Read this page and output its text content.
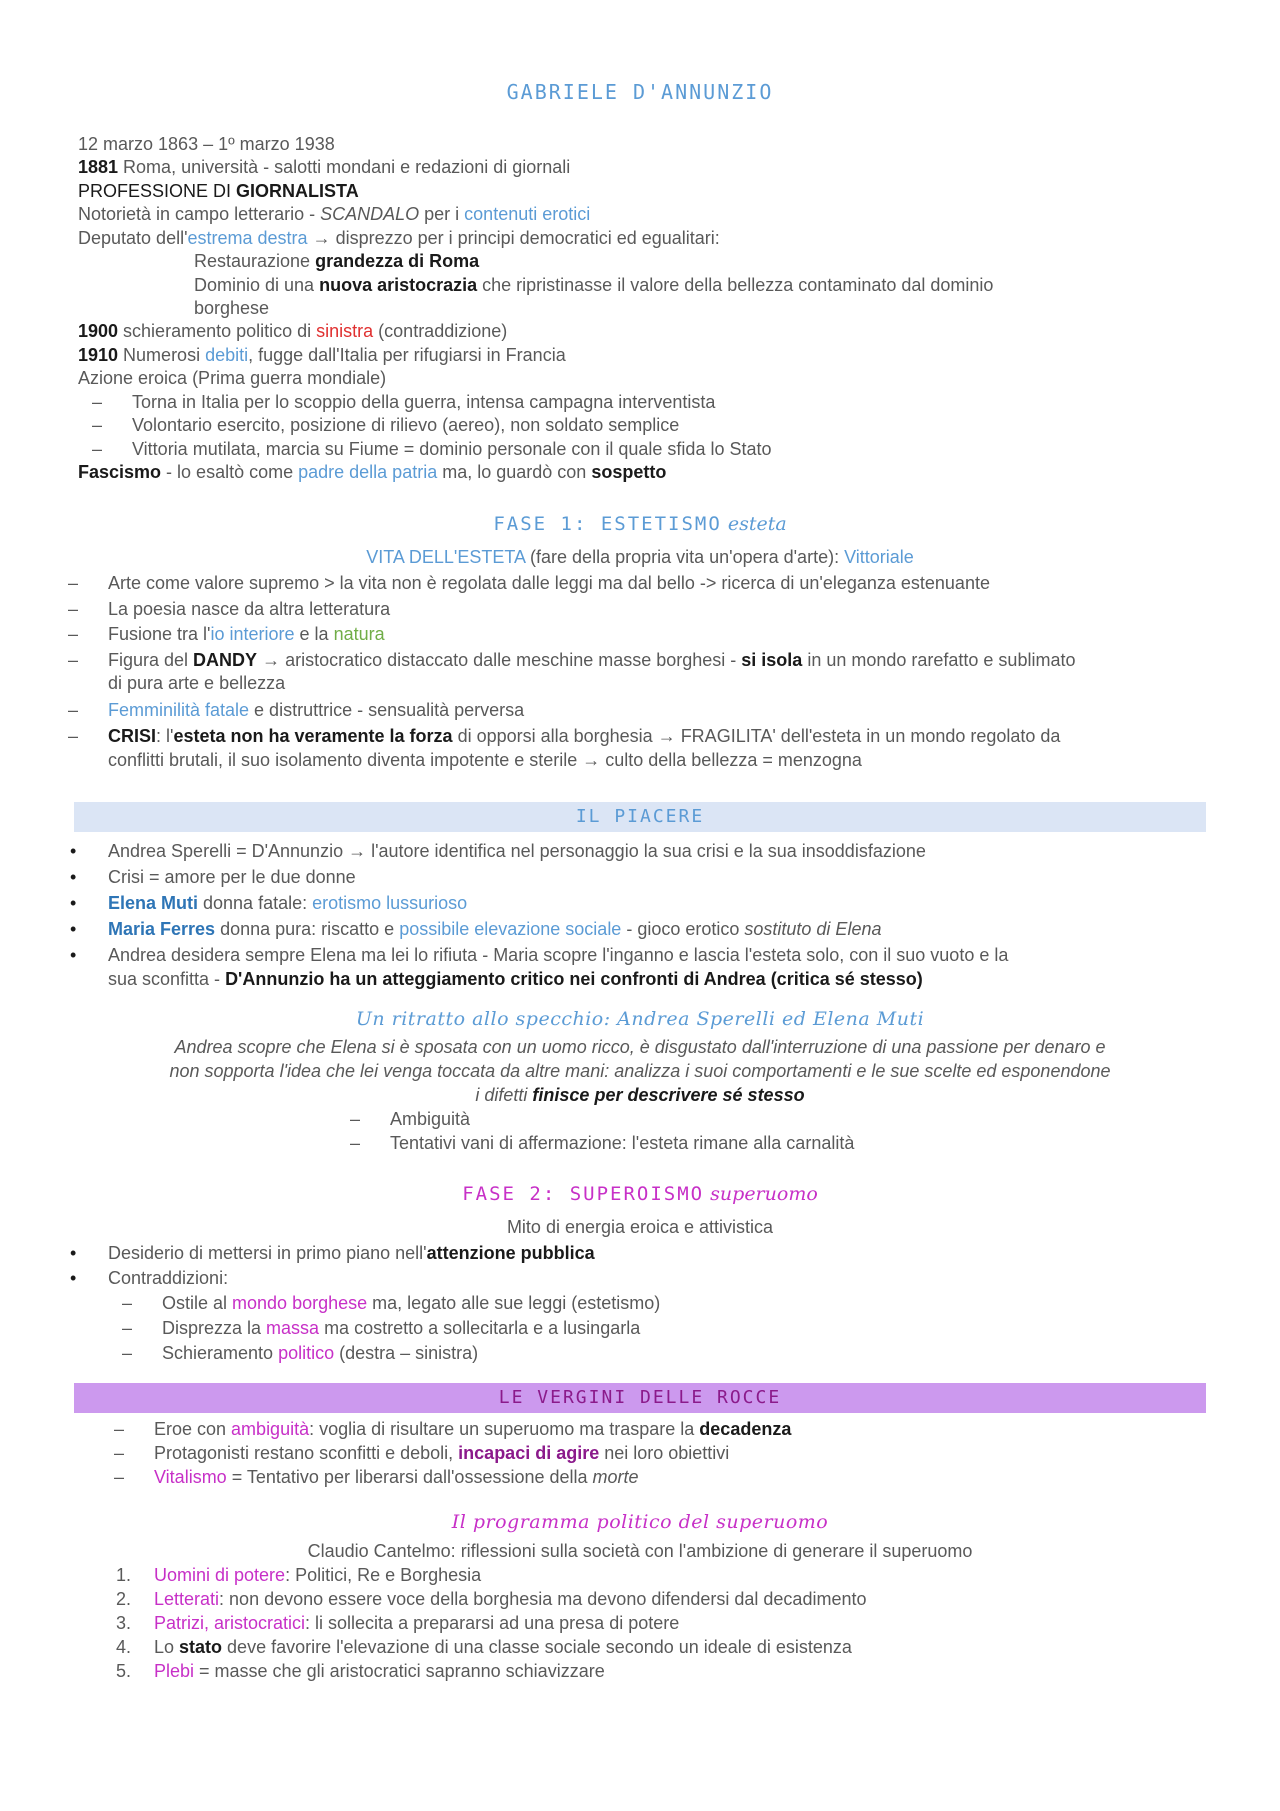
GABRIELE D'ANNUNZIO
12 marzo 1863 – 1º marzo 1938
1881 Roma, università - salotti mondani e redazioni di giornali
PROFESSIONE DI GIORNALISTA
Notorietà in campo letterario - SCANDALO per i contenuti erotici
Deputato dell'estrema destra → disprezzo per i principi democratici ed egualitari:
Restaurazione grandezza di Roma
Dominio di una nuova aristocrazia che ripristinasse il valore della bellezza contaminato dal dominio
borghese
1900 schieramento politico di sinistra (contraddizione)
1910 Numerosi debiti, fugge dall'Italia per rifugiarsi in Francia
Azione eroica (Prima guerra mondiale)
– Torna in Italia per lo scoppio della guerra, intensa campagna interventista
– Volontario esercito, posizione di rilievo (aereo), non soldato semplice
– Vittoria mutilata, marcia su Fiume = dominio personale con il quale sfida lo Stato
Fascismo - lo esaltò come padre della patria ma, lo guardò con sospetto
FASE 1: ESTETISMO esteta
VITA DELL'ESTETA (fare della propria vita un'opera d'arte): Vittoriale
– Arte come valore supremo > la vita non è regolata dalle leggi ma dal bello -> ricerca di un'eleganza estenuante
– La poesia nasce da altra letteratura
– Fusione tra l'io interiore e la natura
– Figura del DANDY → aristocratico distaccato dalle meschine masse borghesi - si isola in un mondo rarefatto e sublimato
di pura arte e bellezza
– Femminilità fatale e distruttrice - sensualità perversa
– CRISI: l'esteta non ha veramente la forza di opporsi alla borghesia → FRAGILITA' dell'esteta in un mondo regolato da
conflitti brutali, il suo isolamento diventa impotente e sterile → culto della bellezza = menzogna
IL PIACERE
• Andrea Sperelli = D'Annunzio → l'autore identifica nel personaggio la sua crisi e la sua insoddisfazione
• Crisi = amore per le due donne
• Elena Muti donna fatale: erotismo lussurioso
• Maria Ferres donna pura: riscatto e possibile elevazione sociale - gioco erotico sostituto di Elena
• Andrea desidera sempre Elena ma lei lo rifiuta - Maria scopre l'inganno e lascia l'esteta solo, con il suo vuoto e la
sua sconfitta - D'Annunzio ha un atteggiamento critico nei confronti di Andrea (critica sé stesso)
Un ritratto allo specchio: Andrea Sperelli ed Elena Muti
Andrea scopre che Elena si è sposata con un uomo ricco, è disgustato dall'interruzione di una passione per denaro e
non sopporta l'idea che lei venga toccata da altre mani: analizza i suoi comportamenti e le sue scelte ed esponendone
i difetti finisce per descrivere sé stesso
– Ambiguità
– Tentativi vani di affermazione: l'esteta rimane alla carnalità
FASE 2: SUPEROISMO superuomo
Mito di energia eroica e attivistica
• Desiderio di mettersi in primo piano nell'attenzione pubblica
• Contraddizioni:
– Ostile al mondo borghese ma, legato alle sue leggi (estetismo)
– Disprezza la massa ma costretto a sollecitarla e a lusingarla
– Schieramento politico (destra – sinistra)
LE VERGINI DELLE ROCCE
– Eroe con ambiguità: voglia di risultare un superuomo ma traspare la decadenza
– Protagonisti restano sconfitti e deboli, incapaci di agire nei loro obiettivi
– Vitalismo = Tentativo per liberarsi dall'ossessione della morte
Il programma politico del superuomo
Claudio Cantelmo: riflessioni sulla società con l'ambizione di generare il superuomo
1. Uomini di potere: Politici, Re e Borghesia
2. Letterati: non devono essere voce della borghesia ma devono difendersi dal decadimento
3. Patrizi, aristocratici: li sollecita a prepararsi ad una presa di potere
4. Lo stato deve favorire l'elevazione di una classe sociale secondo un ideale di esistenza
5. Plebi = masse che gli aristocratici sapranno schiavizzare
